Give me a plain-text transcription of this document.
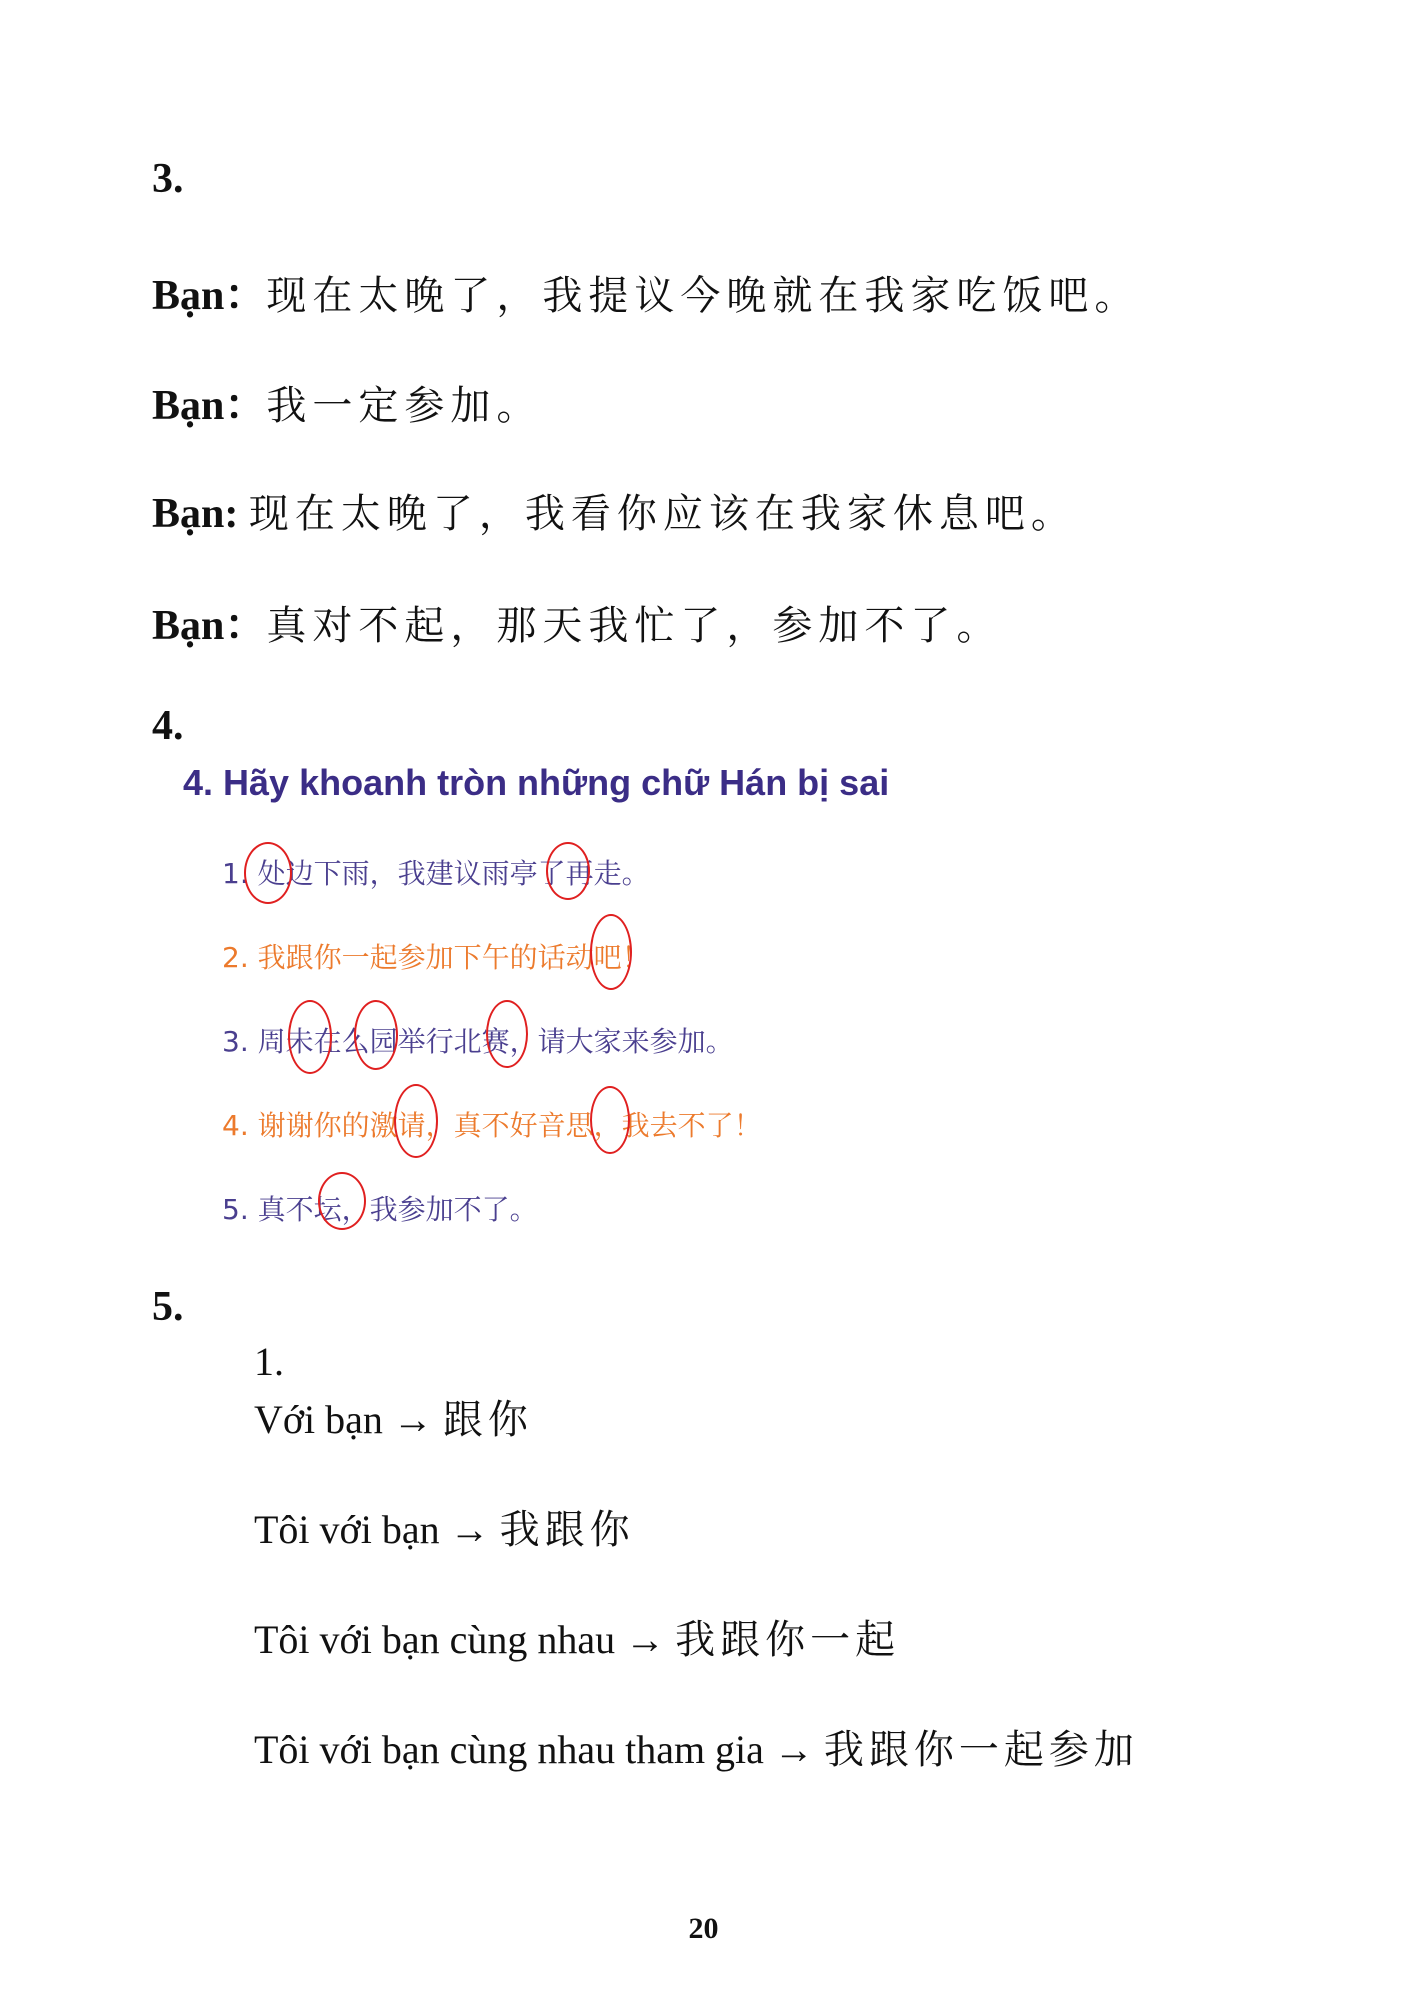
3.
Bạn：现在太晚了，我提议今晚就在我家吃饭吧。
Bạn：我一定参加。
Bạn: 现在太晚了，我看你应该在我家休息吧。
Bạn：真对不起，那天我忙了，参加不了。
4.
4. Hãy khoanh tròn những chữ Hán bị sai
1. 处边下雨，我建议雨亭了再走。
2. 我跟你一起参加下午的话动吧！
3. 周未在么园举行北赛，请大家来参加。
4. 谢谢你的激请，真不好音思，我去不了！
5. 真不坛，我参加不了。
5.
1.
Với bạn → 跟你
Tôi với bạn → 我跟你
Tôi với bạn cùng nhau → 我跟你一起
Tôi với bạn cùng nhau tham gia → 我跟你一起参加
20
